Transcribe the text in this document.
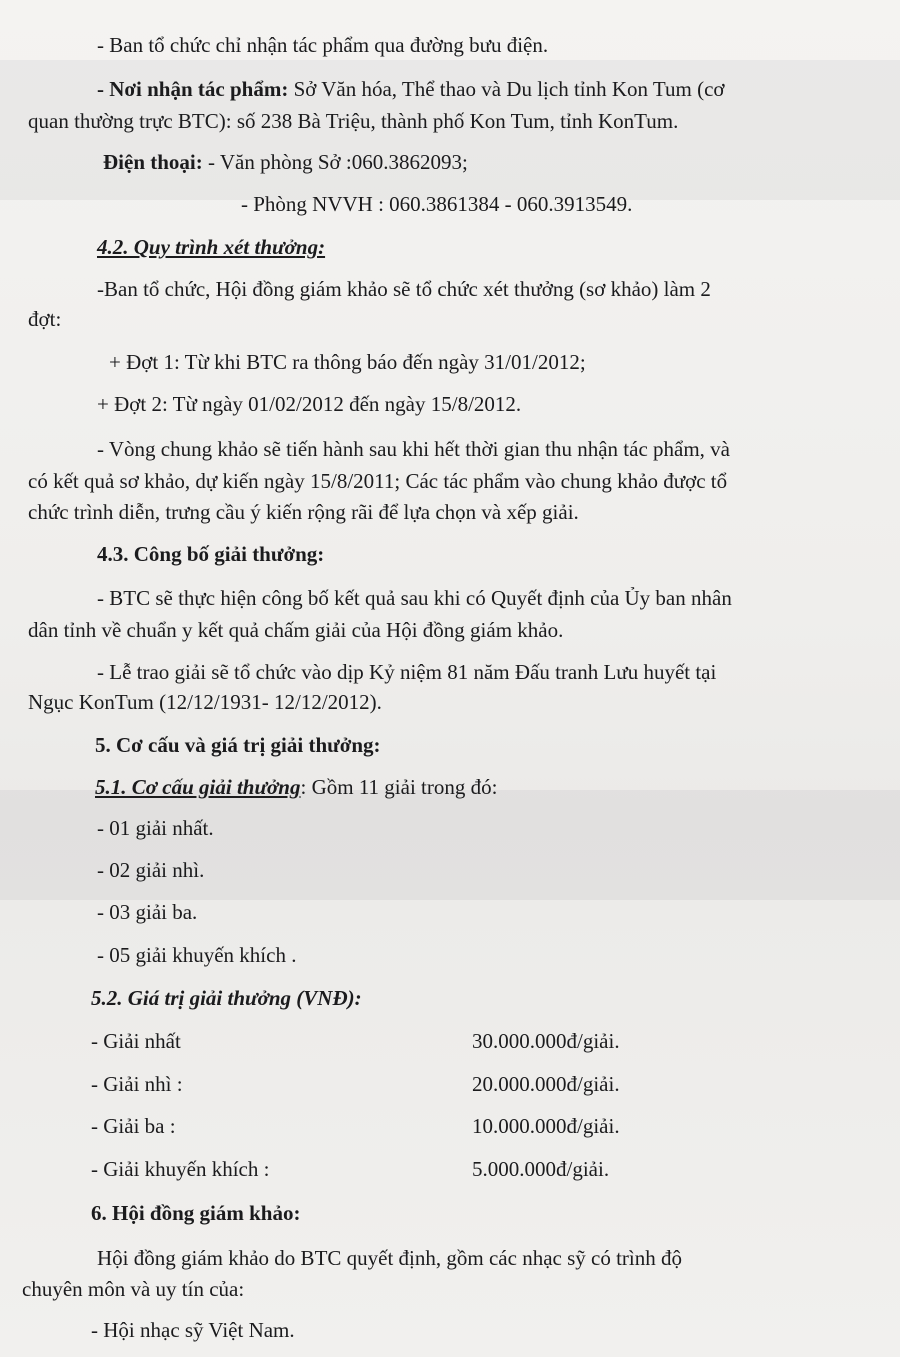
- Ban tổ chức chỉ nhận tác phẩm qua đường bưu điện.
- Nơi nhận tác phẩm: Sở Văn hóa, Thể thao và Du lịch tỉnh Kon Tum (cơ
quan thường trực BTC): số 238 Bà Triệu, thành phố Kon Tum, tỉnh KonTum.
Điện thoại: - Văn phòng Sở :060.3862093;
- Phòng NVVH : 060.3861384 - 060.3913549.
4.2. Quy trình xét thưởng:
-Ban tổ chức, Hội đồng giám khảo sẽ tổ chức xét thưởng (sơ khảo) làm 2
đợt:
+ Đợt 1: Từ khi BTC ra thông báo đến ngày 31/01/2012;
+ Đợt 2: Từ ngày 01/02/2012 đến ngày 15/8/2012.
- Vòng chung khảo sẽ tiến hành sau khi hết thời gian thu nhận tác phẩm, và
có kết quả sơ khảo, dự kiến ngày 15/8/2011; Các tác phẩm vào chung khảo được tổ
chức trình diễn, trưng cầu ý kiến rộng rãi để lựa chọn và xếp giải.
4.3. Công bố giải thưởng:
- BTC sẽ thực hiện công bố kết quả sau khi có Quyết định của Ủy ban nhân
dân tỉnh về chuẩn y kết quả chấm giải của Hội đồng giám khảo.
- Lễ trao giải sẽ tổ chức vào dịp Kỷ niệm 81 năm Đấu tranh Lưu huyết tại
Ngục KonTum (12/12/1931- 12/12/2012).
5. Cơ cấu và giá trị giải thưởng:
5.1. Cơ cấu giải thưởng: Gồm 11 giải trong đó:
- 01 giải nhất.
- 02 giải nhì.
- 03 giải ba.
- 05 giải khuyến khích .
5.2. Giá trị giải thưởng (VNĐ):
- Giải nhất	30.000.000đ/giải.
- Giải nhì :	20.000.000đ/giải.
- Giải ba :	10.000.000đ/giải.
- Giải khuyến khích :	5.000.000đ/giải.
6. Hội đồng giám khảo:
Hội đồng giám khảo do BTC quyết định, gồm các nhạc sỹ có trình độ
chuyên môn và uy tín của:
- Hội nhạc sỹ Việt Nam.
